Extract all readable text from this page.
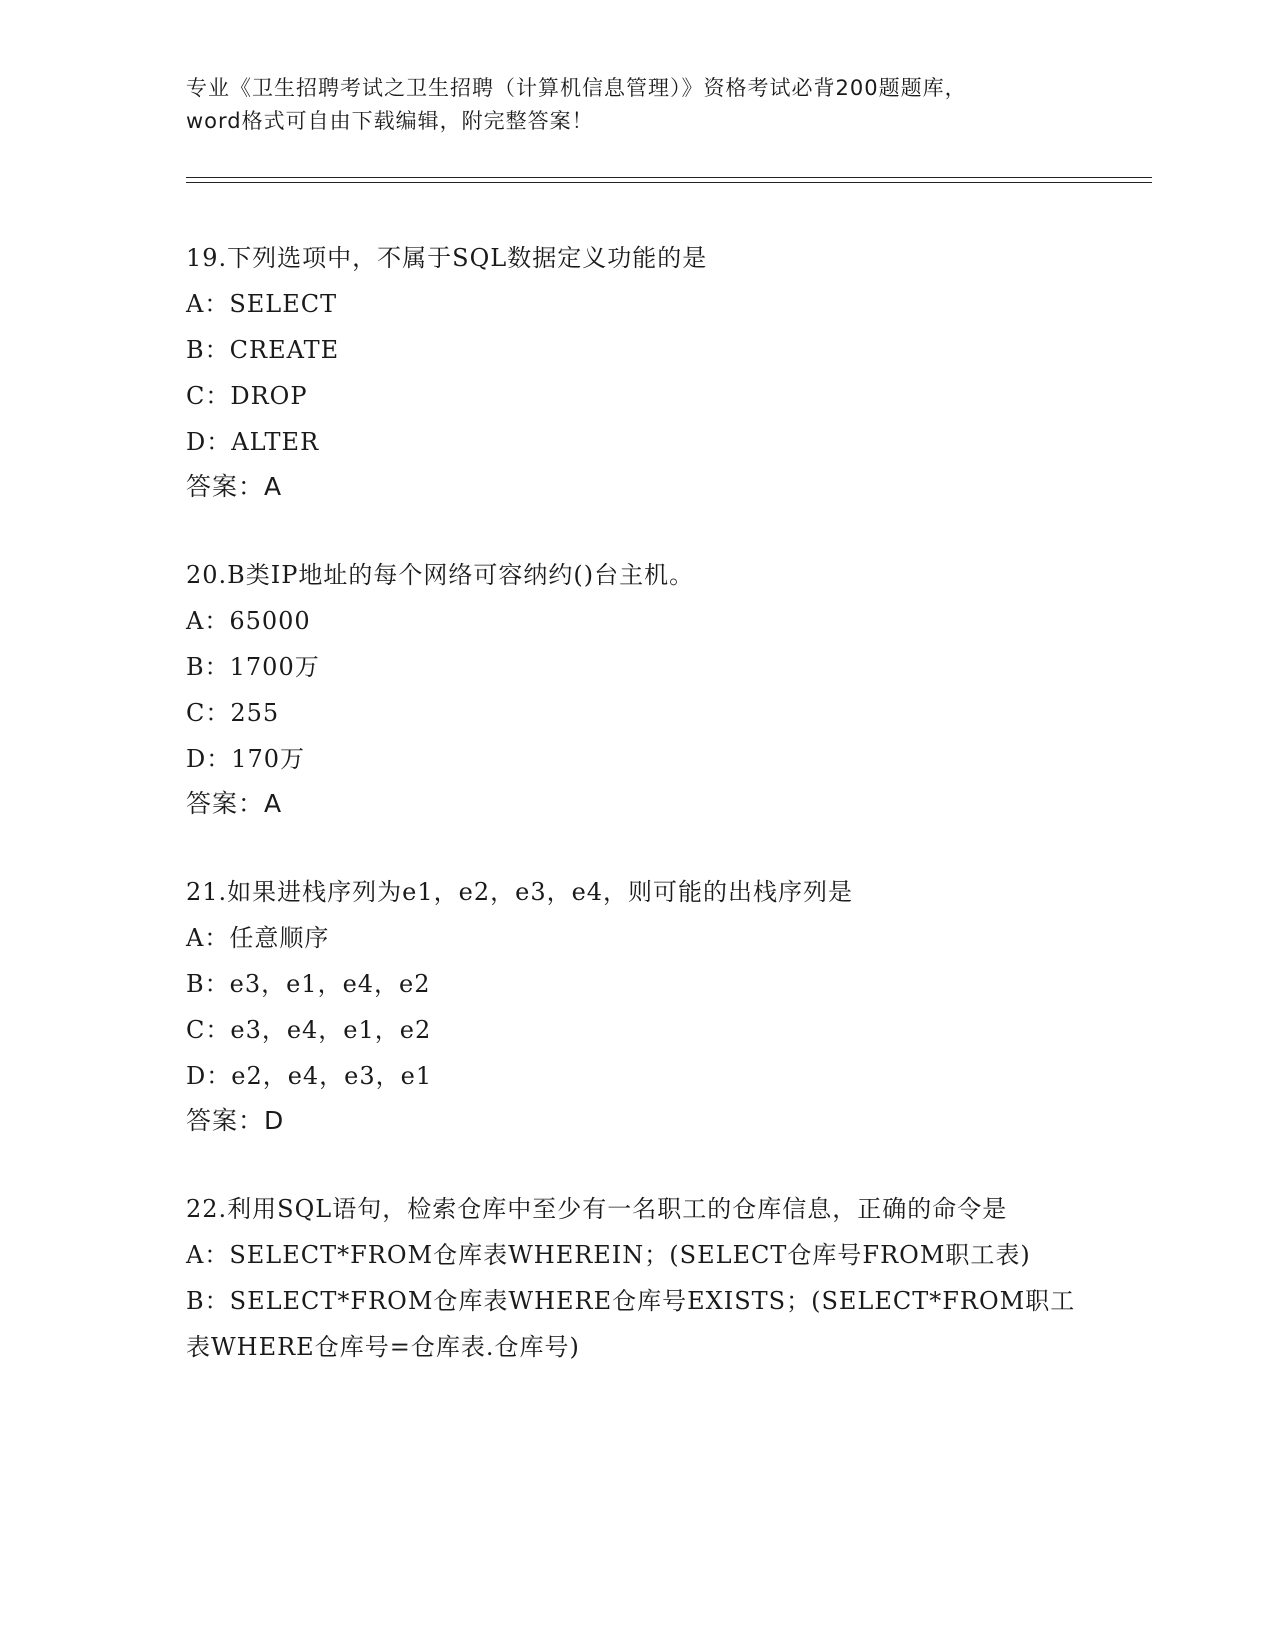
专业《卫生招聘考试之卫生招聘（计算机信息管理）》资格考试必背200题题库，
word格式可自由下载编辑，附完整答案！
19.下列选项中，不属于SQL数据定义功能的是
A：SELECT
B：CREATE
C：DROP
D：ALTER
答案：A
20.B类IP地址的每个网络可容纳约()台主机。
A：65000
B：1700万
C：255
D：170万
答案：A
21.如果进栈序列为e1，e2，e3，e4，则可能的出栈序列是
A：任意顺序
B：e3，e1，e4，e2
C：e3，e4，e1，e2
D：e2，e4，e3，e1
答案：D
22.利用SQL语句，检索仓库中至少有一名职工的仓库信息，正确的命令是
A：SELECT*FROM仓库表WHEREIN；(SELECT仓库号FROM职工表)
B：SELECT*FROM仓库表WHERE仓库号EXISTS；(SELECT*FROM职工表WHERE仓库号=仓库表.仓库号)
